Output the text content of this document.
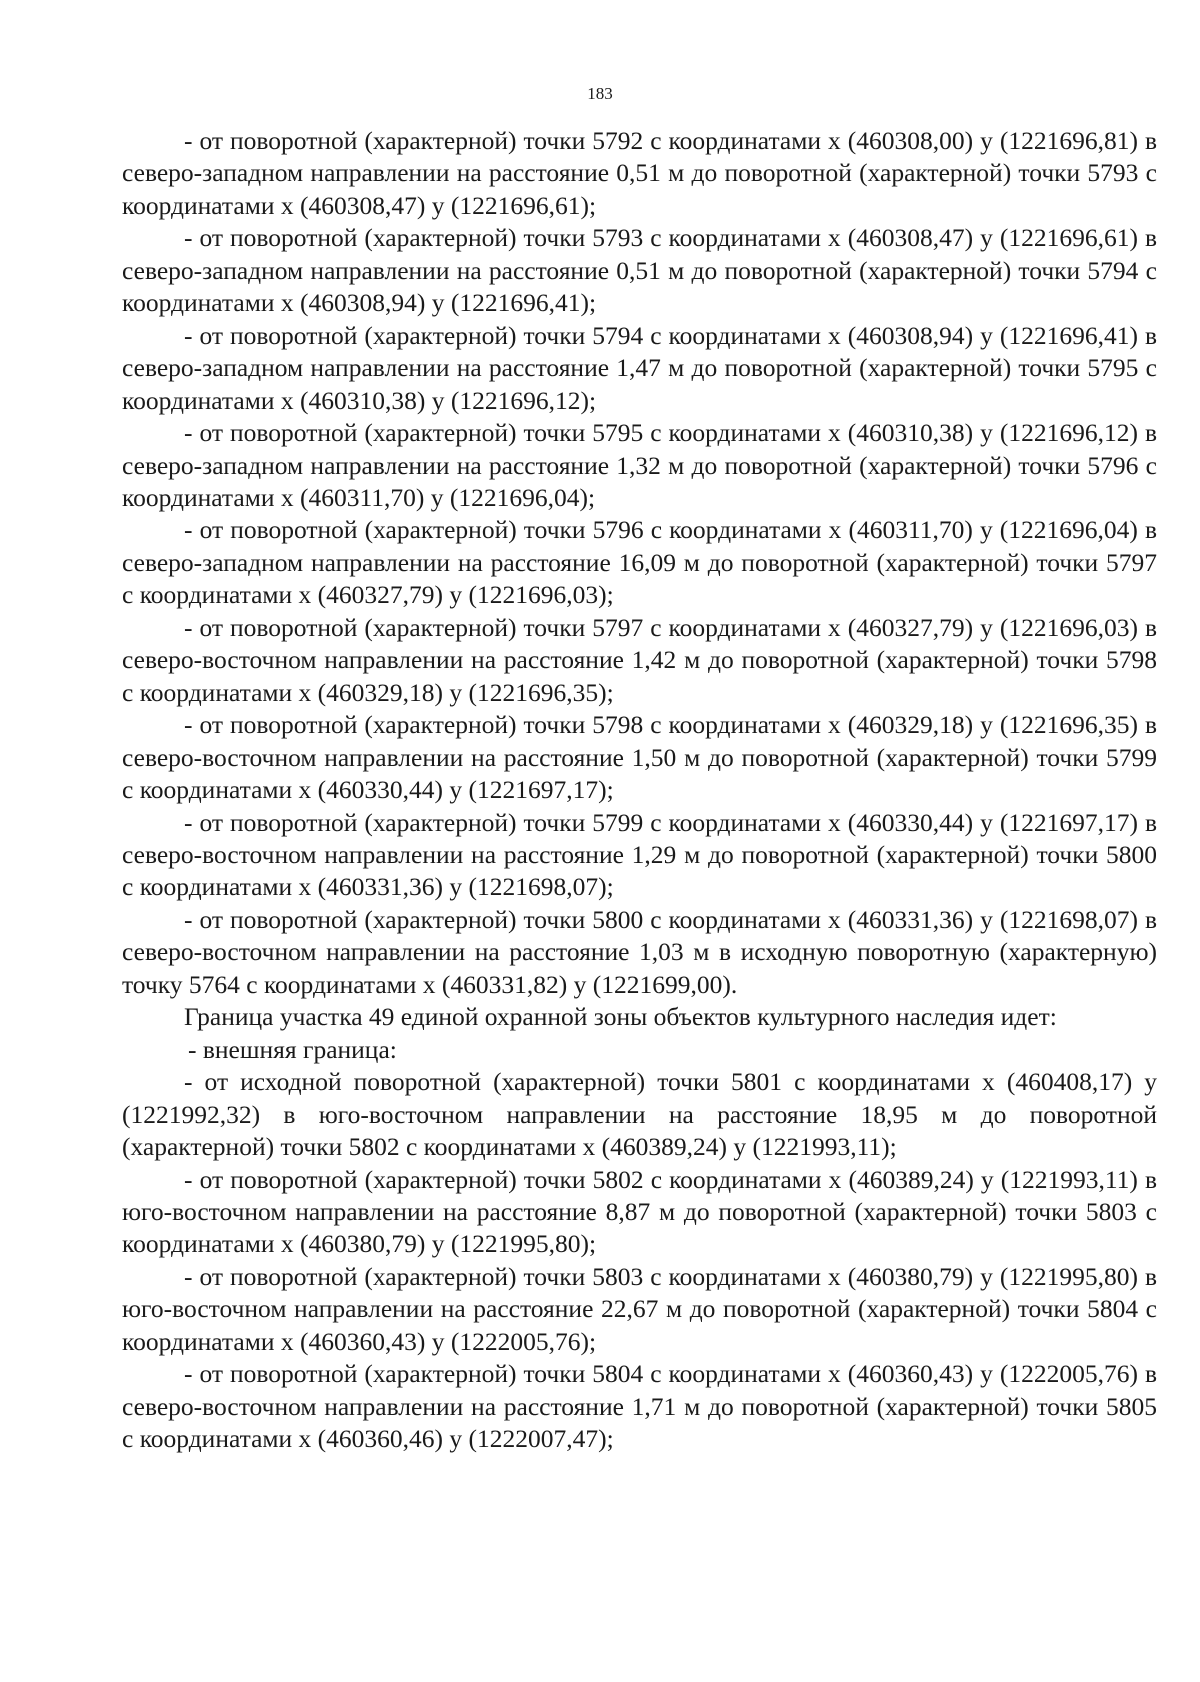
183

- от поворотной (характерной) точки 5792 с координатами х (460308,00) у (1221696,81) в северо-западном направлении на расстояние 0,51 м до поворотной (характерной) точки 5793 с координатами х (460308,47) у (1221696,61);

- от поворотной (характерной) точки 5793 с координатами х (460308,47) у (1221696,61) в северо-западном направлении на расстояние 0,51 м до поворотной (характерной) точки 5794 с координатами х (460308,94) у (1221696,41);

- от поворотной (характерной) точки 5794 с координатами х (460308,94) у (1221696,41) в северо-западном направлении на расстояние 1,47 м до поворотной (характерной) точки 5795 с координатами х (460310,38) у (1221696,12);

- от поворотной (характерной) точки 5795 с координатами х (460310,38) у (1221696,12) в северо-западном направлении на расстояние 1,32 м до поворотной (характерной) точки 5796 с координатами х (460311,70) у (1221696,04);

- от поворотной (характерной) точки 5796 с координатами х (460311,70) у (1221696,04) в северо-западном направлении на расстояние 16,09 м до поворотной (характерной) точки 5797 с координатами х (460327,79) у (1221696,03);

- от поворотной (характерной) точки 5797 с координатами х (460327,79) у (1221696,03) в северо-восточном направлении на расстояние 1,42 м до поворотной (характерной) точки 5798 с координатами х (460329,18) у (1221696,35);

- от поворотной (характерной) точки 5798 с координатами х (460329,18) у (1221696,35) в северо-восточном направлении на расстояние 1,50 м до поворотной (характерной) точки 5799 с координатами х (460330,44) у (1221697,17);

- от поворотной (характерной) точки 5799 с координатами х (460330,44) у (1221697,17) в северо-восточном направлении на расстояние 1,29 м до поворотной (характерной) точки 5800 с координатами х (460331,36) у (1221698,07);

- от поворотной (характерной) точки 5800 с координатами х (460331,36) у (1221698,07) в северо-восточном направлении на расстояние 1,03 м в исходную поворотную (характерную) точку 5764 с координатами х (460331,82) у (1221699,00).

Граница участка 49 единой охранной зоны объектов культурного наследия идет:

- внешняя граница:

- от исходной поворотной (характерной) точки 5801 с координатами х (460408,17) у (1221992,32) в юго-восточном направлении на расстояние 18,95 м до поворотной (характерной) точки 5802 с координатами х (460389,24) у (1221993,11);

- от поворотной (характерной) точки 5802 с координатами х (460389,24) у (1221993,11) в юго-восточном направлении на расстояние 8,87 м до поворотной (характерной) точки 5803 с координатами х (460380,79) у (1221995,80);

- от поворотной (характерной) точки 5803 с координатами х (460380,79) у (1221995,80) в юго-восточном направлении на расстояние 22,67 м до поворотной (характерной) точки 5804 с координатами х (460360,43) у (1222005,76);

- от поворотной (характерной) точки 5804 с координатами х (460360,43) у (1222005,76) в северо-восточном направлении на расстояние 1,71 м до поворотной (характерной) точки 5805 с координатами х (460360,46) у (1222007,47);
